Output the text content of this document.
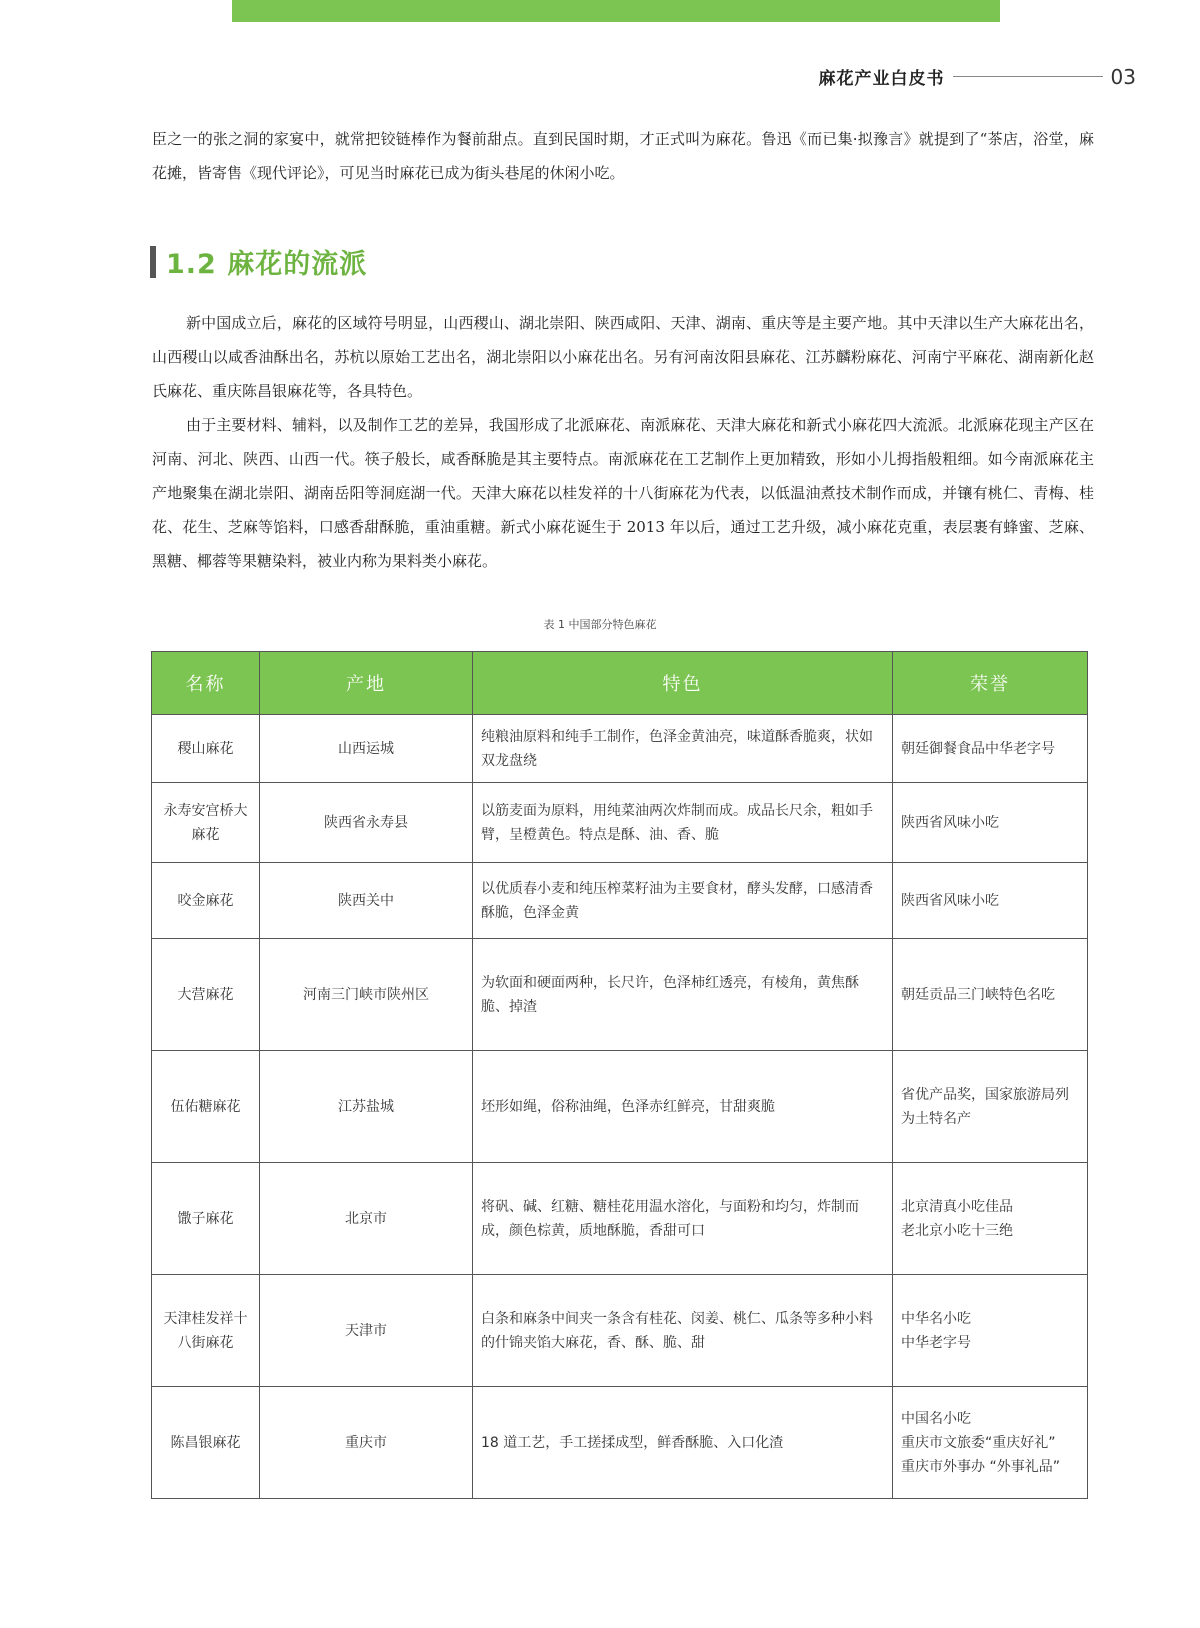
麻花产业白皮书	03

臣之一的张之洞的家宴中，就常把铰链棒作为餐前甜点。直到民国时期，才正式叫为麻花。鲁迅《而已集·拟豫言》就提到了“茶店，浴堂，麻花摊，皆寄售《现代评论》，可见当时麻花已成为街头巷尾的休闲小吃。

1.2 麻花的流派

新中国成立后，麻花的区域符号明显，山西稷山、湖北崇阳、陕西咸阳、天津、湖南、重庆等是主要产地。其中天津以生产大麻花出名，山西稷山以咸香油酥出名，苏杭以原始工艺出名，湖北崇阳以小麻花出名。另有河南汝阳县麻花、江苏麟粉麻花、河南宁平麻花、湖南新化赵氏麻花、重庆陈昌银麻花等，各具特色。

由于主要材料、辅料，以及制作工艺的差异，我国形成了北派麻花、南派麻花、天津大麻花和新式小麻花四大流派。北派麻花现主产区在河南、河北、陕西、山西一代。筷子般长，咸香酥脆是其主要特点。南派麻花在工艺制作上更加精致，形如小儿拇指般粗细。如今南派麻花主产地聚集在湖北崇阳、湖南岳阳等洞庭湖一代。天津大麻花以桂发祥的十八街麻花为代表，以低温油煮技术制作而成，并镶有桃仁、青梅、桂花、花生、芝麻等馅料，口感香甜酥脆，重油重糖。新式小麻花诞生于 2013 年以后，通过工艺升级，减小麻花克重，表层裹有蜂蜜、芝麻、黑糖、椰蓉等果糖染料，被业内称为果料类小麻花。

表 1 中国部分特色麻花
名称	产地	特色	荣誉
稷山麻花	山西运城	纯粮油原料和纯手工制作，色泽金黄油亮，味道酥香脆爽，状如双龙盘绕	朝廷御餐食品中华老字号
永寿安宫桥大麻花	陕西省永寿县	以筋麦面为原料，用纯菜油两次炸制而成。成品长尺余，粗如手臂，呈橙黄色。特点是酥、油、香、脆	陕西省风味小吃
咬金麻花	陕西关中	以优质春小麦和纯压榨菜籽油为主要食材，酵头发酵，口感清香酥脆，色泽金黄	陕西省风味小吃
大营麻花	河南三门峡市陕州区	为软面和硬面两种，长尺许，色泽柿红透亮，有棱角，黄焦酥脆、掉渣	朝廷贡品三门峡特色名吃
伍佑糖麻花	江苏盐城	坯形如绳，俗称油绳，色泽赤红鲜亮，甘甜爽脆	省优产品奖，国家旅游局列为土特名产
馓子麻花	北京市	将矾、碱、红糖、糖桂花用温水溶化，与面粉和均匀，炸制而成，颜色棕黄，质地酥脆，香甜可口	北京清真小吃佳品
老北京小吃十三绝
天津桂发祥十八街麻花	天津市	白条和麻条中间夹一条含有桂花、闵姜、桃仁、瓜条等多种小料的什锦夹馅大麻花，香、酥、脆、甜	中华名小吃
中华老字号
陈昌银麻花	重庆市	18 道工艺，手工搓揉成型，鲜香酥脆、入口化渣	中国名小吃
重庆市文旅委“重庆好礼”
重庆市外事办 “外事礼品”
